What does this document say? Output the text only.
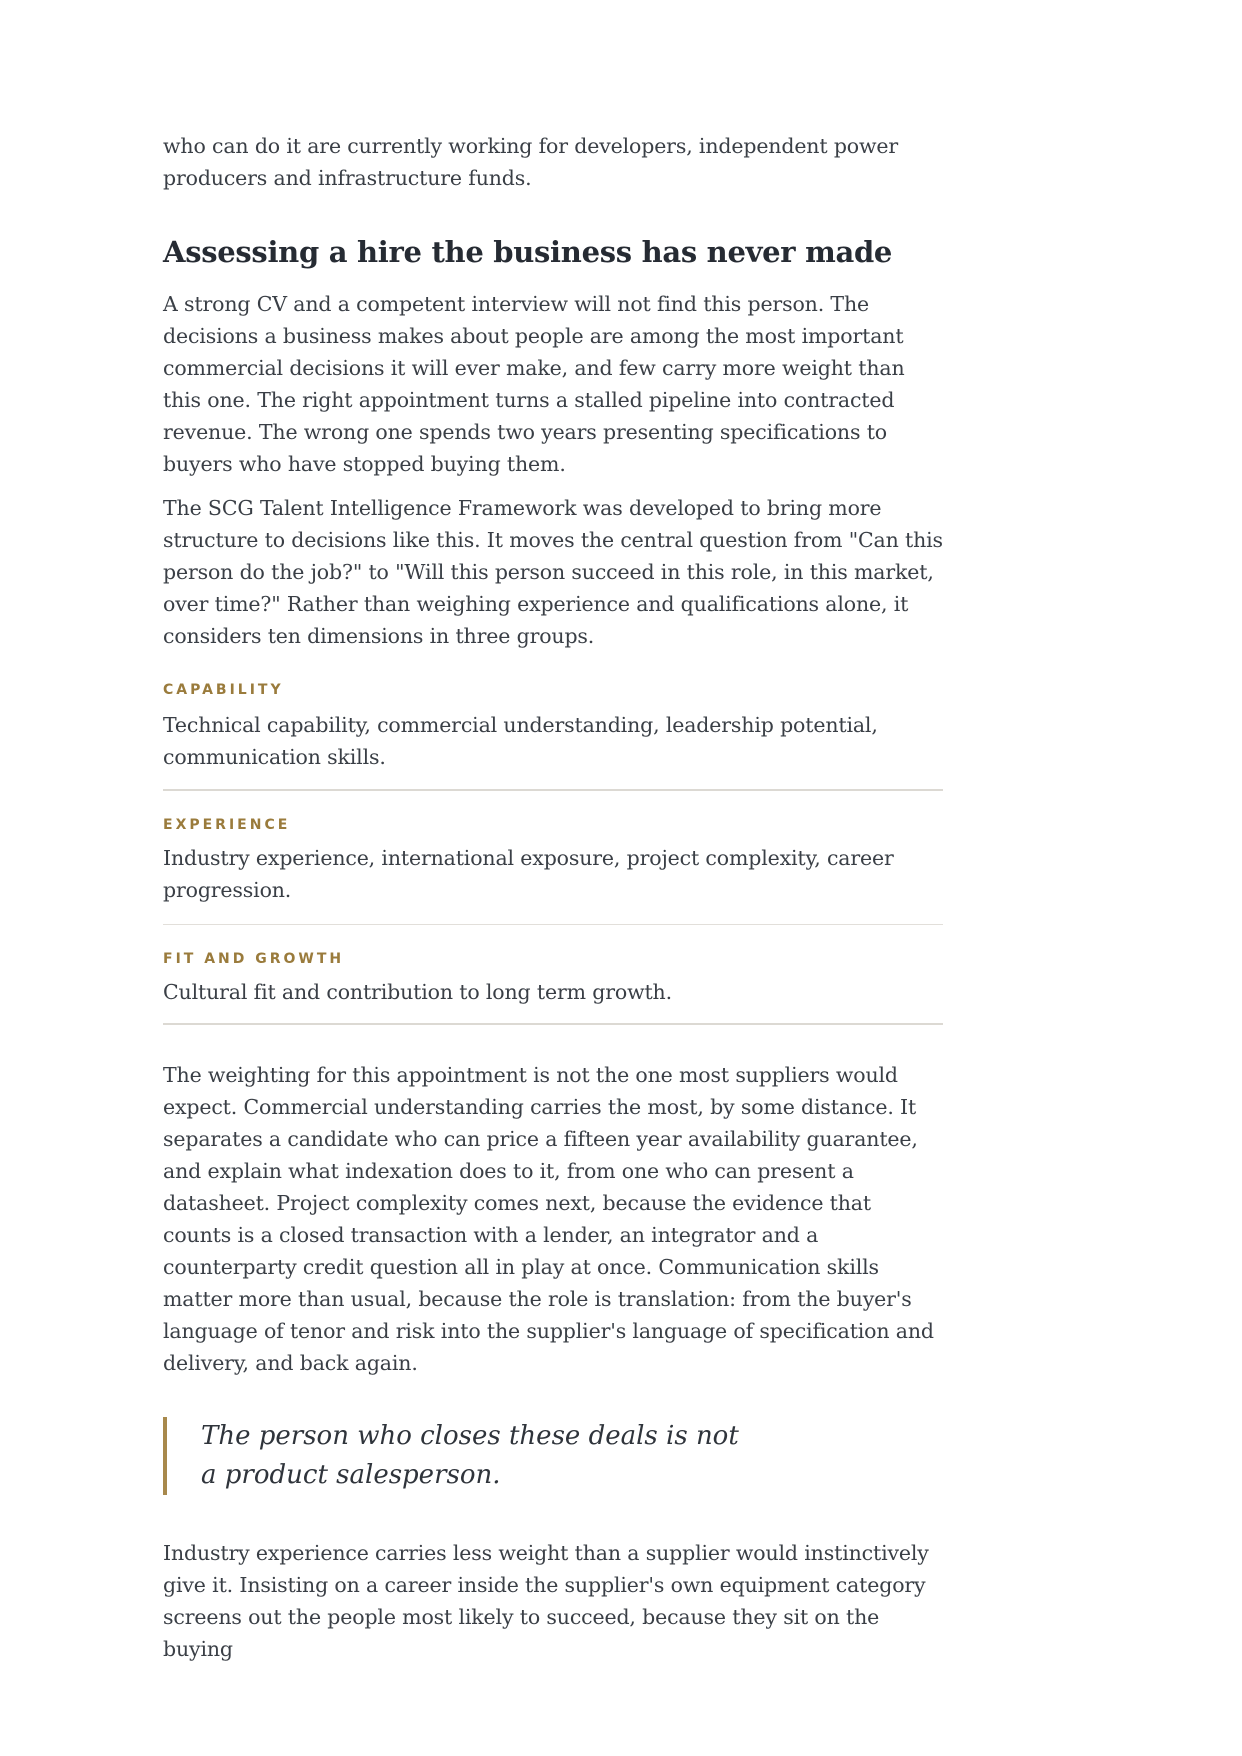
who can do it are currently working for developers, independent power producers and infrastructure funds.

Assessing a hire the business has never made

A strong CV and a competent interview will not find this person. The decisions a business makes about people are among the most important commercial decisions it will ever make, and few carry more weight than this one. The right appointment turns a stalled pipeline into contracted revenue. The wrong one spends two years presenting specifications to buyers who have stopped buying them.

The SCG Talent Intelligence Framework was developed to bring more structure to decisions like this. It moves the central question from "Can this person do the job?" to "Will this person succeed in this role, in this market, over time?" Rather than weighing experience and qualifications alone, it considers ten dimensions in three groups.

CAPABILITY

Technical capability, commercial understanding, leadership potential, communication skills.

EXPERIENCE

Industry experience, international exposure, project complexity, career progression.

FIT AND GROWTH

Cultural fit and contribution to long term growth.

The weighting for this appointment is not the one most suppliers would expect. Commercial understanding carries the most, by some distance. It separates a candidate who can price a fifteen year availability guarantee, and explain what indexation does to it, from one who can present a datasheet. Project complexity comes next, because the evidence that counts is a closed transaction with a lender, an integrator and a counterparty credit question all in play at once. Communication skills matter more than usual, because the role is translation: from the buyer's language of tenor and risk into the supplier's language of specification and delivery, and back again.

The person who closes these deals is not a product salesperson.

Industry experience carries less weight than a supplier would instinctively give it. Insisting on a career inside the supplier's own equipment category screens out the people most likely to succeed, because they sit on the buying
